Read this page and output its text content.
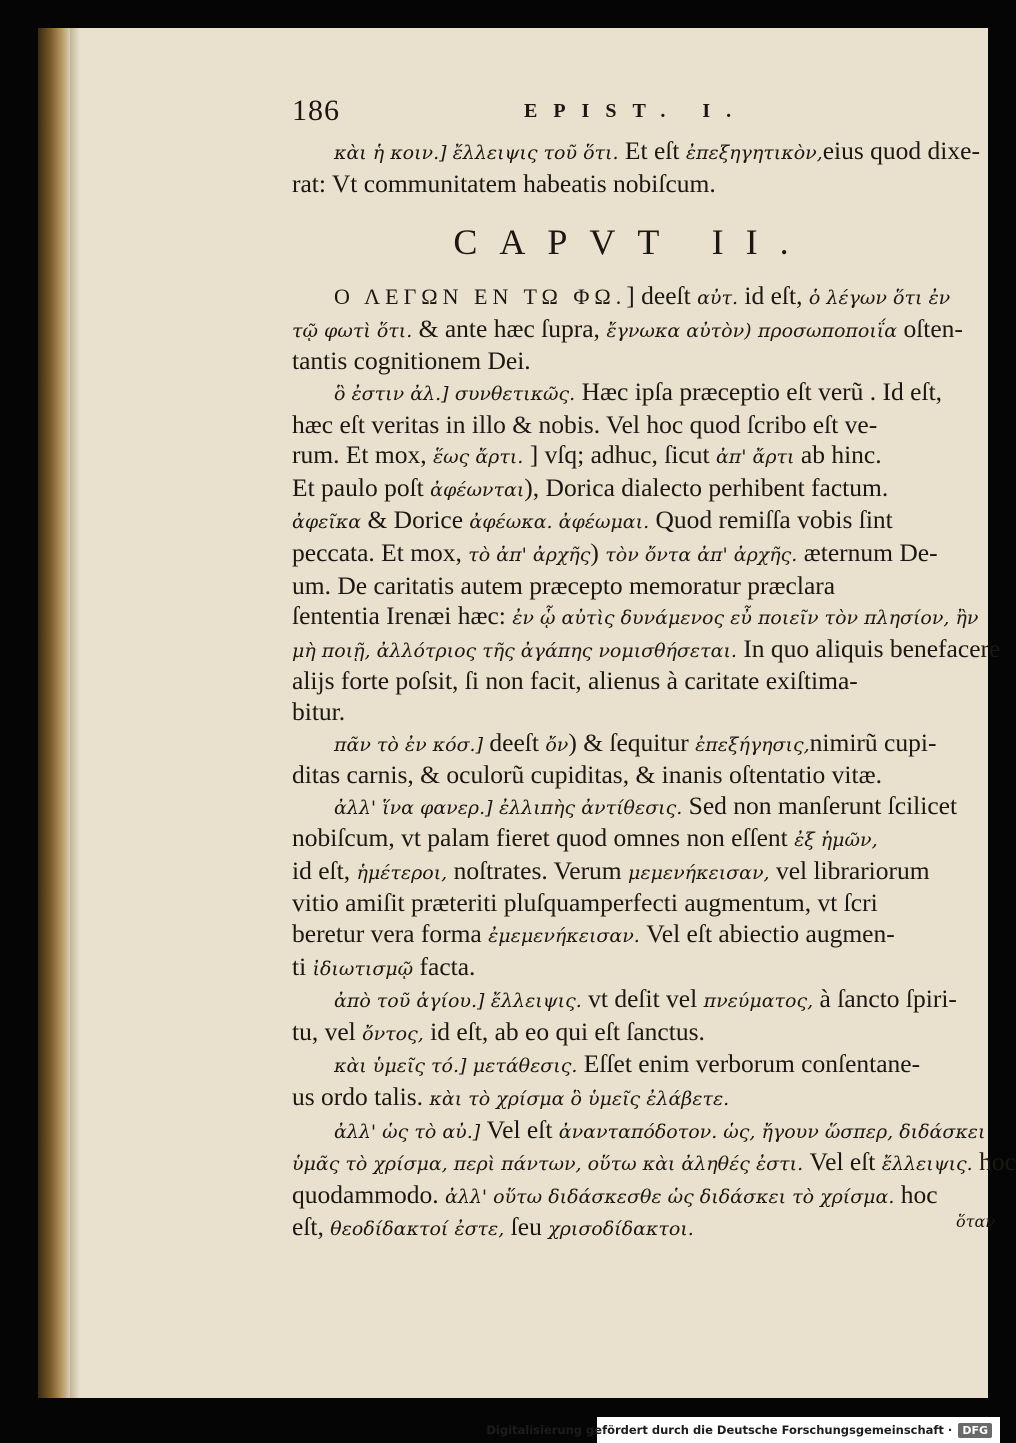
186	EPIST. I.
κὰι ἡ κοιν.] ἔλλειψις τοῦ ὅτι. Et eſt ἐπεξηγητικὸν,eius quod dixe-
rat: Vt communitatem habeatis nobiſcum.
CAPVT II.
Ο ΛΕΓΩΝ ΕΝ ΤΩ ΦΩ.] deeſt αὐτ. id eſt, ὁ λέγων ὅτι ἐν
τῷ φωτὶ ὅτι. & ante hæc ſupra, ἔγνωκα αὐτὸν) προσωποποιΐα oſten-
tantis cognitionem Dei.
ὃ ἐστιν ἀλ.] συνθετικῶς. Hæc ipſa præceptio eſt verũ . Id eſt,
hæc eſt veritas in illo & nobis. Vel hoc quod ſcribo eſt ve-
rum. Et mox, ἕως ἄρτι. ] vſq; adhuc, ſicut ἀπ' ἄρτι ab hinc.
Et paulo poſt ἀφέωνται), Dorica dialecto perhibent factum.
ἀφεῖκα & Dorice ἀφέωκα. ἀφέωμαι. Quod remiſſa vobis ſint
peccata. Et mox, τὸ ἀπ' ἀρχῆς) τὸν ὄντα ἀπ' ἀρχῆς. æternum De-
um. De caritatis autem præcepto memoratur præclara
ſententia Irenæi hæc: ἐν ᾧ αὐτὶς δυνάμενος εὖ ποιεῖν τὸν πλησίον, ἢν
μὴ ποιῇ, ἀλλότριος τῆς ἀγάπης νομισθήσεται. In quo aliquis benefacere
alijs forte poſsit, ſi non facit, alienus à caritate exiſtima-
bitur.
πᾶν τὸ ἐν κόσ.] deeſt ὄν) & ſequitur ἐπεξήγησις,nimirũ cupi-
ditas carnis, & oculorũ cupiditas, & inanis oſtentatio vitæ.
ἀλλ' ἵνα φανερ.] ἐλλιπὴς ἀντίθεσις. Sed non manſerunt ſcilicet
nobiſcum, vt palam fieret quod omnes non eſſent ἐξ ἡμῶν,
id eſt, ἡμέτεροι, noſtrates. Verum μεμενήκεισαν, vel librariorum
vitio amiſit præteriti pluſquamperfecti augmentum, vt ſcri
beretur vera forma ἐμεμενήκεισαν. Vel eſt abiectio augmen-
ti ἰδιωτισμῷ facta.
ἀπὸ τοῦ ἁγίου.] ἔλλειψις. vt deſit vel πνεύματος, à ſancto ſpiri-
tu, vel ὄντος, id eſt, ab eo qui eſt ſanctus.
κὰι ὑμεῖς τό.] μετάθεσις. Eſſet enim verborum conſentane-
us ordo talis. κὰι τὸ χρίσμα ὃ ὑμεῖς ἐλάβετε.
ἀλλ' ὡς τὸ αὐ.] Vel eſt ἀνανταπόδοτον. ὡς, ἤγουν ὥσπερ, διδάσκει
ὑμᾶς τὸ χρίσμα, περὶ πάντων, οὕτω κὰι ἀληθές ἐστι. Vel eſt ἔλλειψις. hoc
quodammodo. ἀλλ' οὕτω διδάσκεσθε ὡς διδάσκει τὸ χρίσμα. hoc
eſt, θεοδίδακτοί ἐστε, ſeu χρισοδίδακτοι.	ὅταν
Digitalisierung gefördert durch die Deutsche Forschungsgemeinschaft · DFG
